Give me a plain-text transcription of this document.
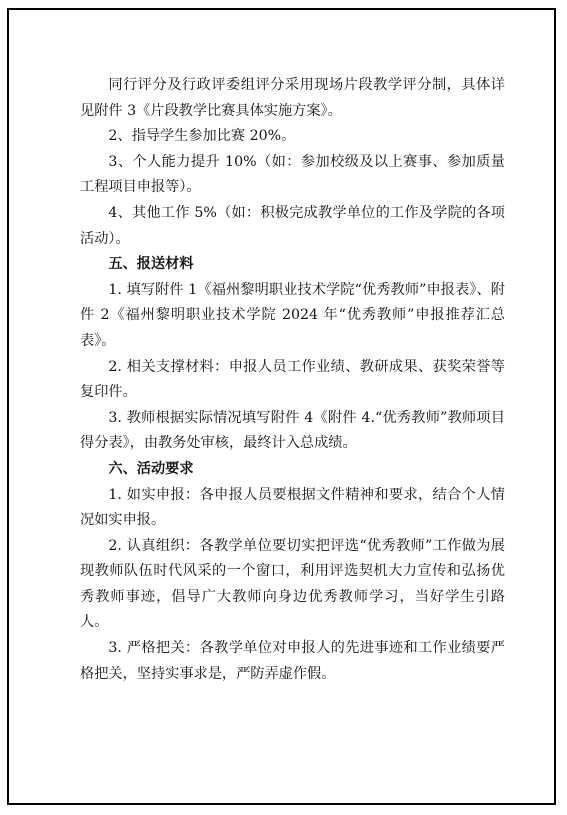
同行评分及行政评委组评分采用现场片段教学评分制，具体详见附件 3《片段教学比赛具体实施方案》。

2、指导学生参加比赛 20%。

3、个人能力提升 10%（如：参加校级及以上赛事、参加质量工程项目申报等）。

4、其他工作 5%（如：积极完成教学单位的工作及学院的各项活动）。

五、报送材料

1. 填写附件 1《福州黎明职业技术学院“优秀教师”申报表》、附件 2《福州黎明职业技术学院 2024 年“优秀教师”申报推荐汇总表》。

2. 相关支撑材料：申报人员工作业绩、教研成果、获奖荣誉等复印件。

3. 教师根据实际情况填写附件 4《附件 4.“优秀教师”教师项目得分表》，由教务处审核，最终计入总成绩。

六、活动要求

1. 如实申报：各申报人员要根据文件精神和要求，结合个人情况如实申报。

2. 认真组织：各教学单位要切实把评选“优秀教师”工作做为展现教师队伍时代风采的一个窗口，利用评选契机大力宣传和弘扬优秀教师事迹，倡导广大教师向身边优秀教师学习，当好学生引路人。

3. 严格把关：各教学单位对申报人的先进事迹和工作业绩要严格把关，坚持实事求是，严防弄虚作假。
